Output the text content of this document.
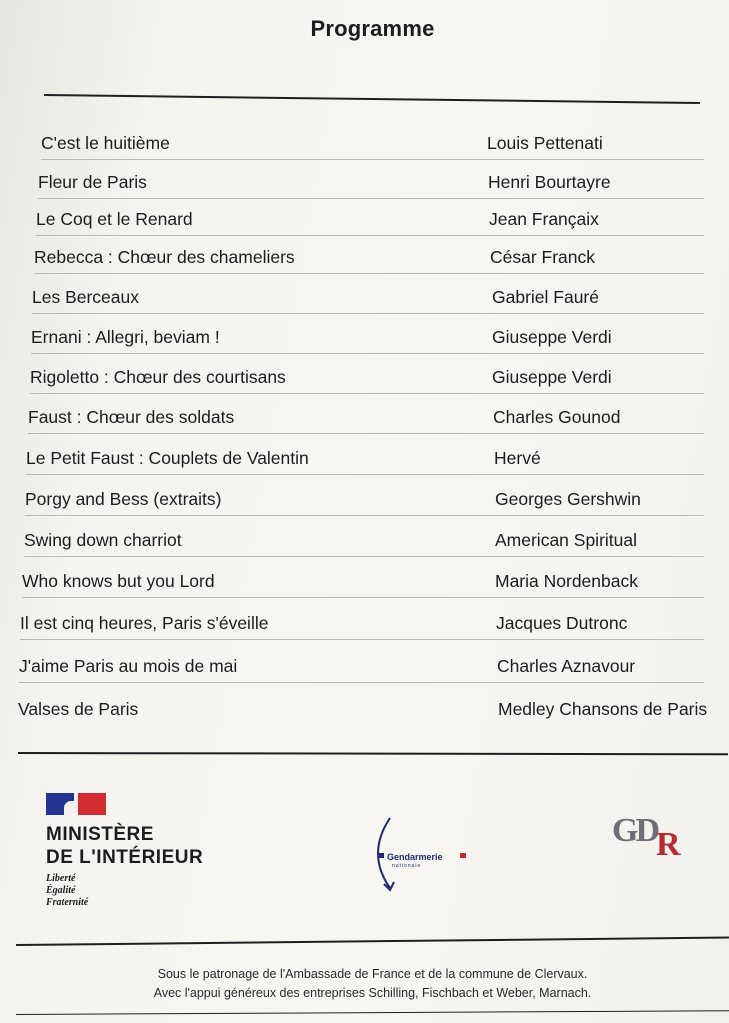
Programme
C'est le huitième	Louis Pettenati
Fleur de Paris	Henri Bourtayre
Le Coq et le Renard	Jean Françaix
Rebecca : Chœur des chameliers	César Franck
Les Berceaux	Gabriel Fauré
Ernani : Allegri, beviam !	Giuseppe Verdi
Rigoletto : Chœur des courtisans	Giuseppe Verdi
Faust : Chœur des soldats	Charles Gounod
Le Petit Faust : Couplets de Valentin	Hervé
Porgy and Bess (extraits)	Georges Gershwin
Swing down charriot	American Spiritual
Who knows but you Lord	Maria Nordenback
Il est cinq heures, Paris s'éveille	Jacques Dutronc
J'aime Paris au mois de mai	Charles Aznavour
Valses de Paris	Medley Chansons de Paris
MINISTÈRE
DE L'INTÉRIEUR
Liberté
Égalité
Fraternité
Gendarmerie
nationale
GD R
Sous le patronage de l'Ambassade de France et de la commune de Clervaux.
Avec l'appui généreux des entreprises Schilling, Fischbach et Weber, Marnach.
